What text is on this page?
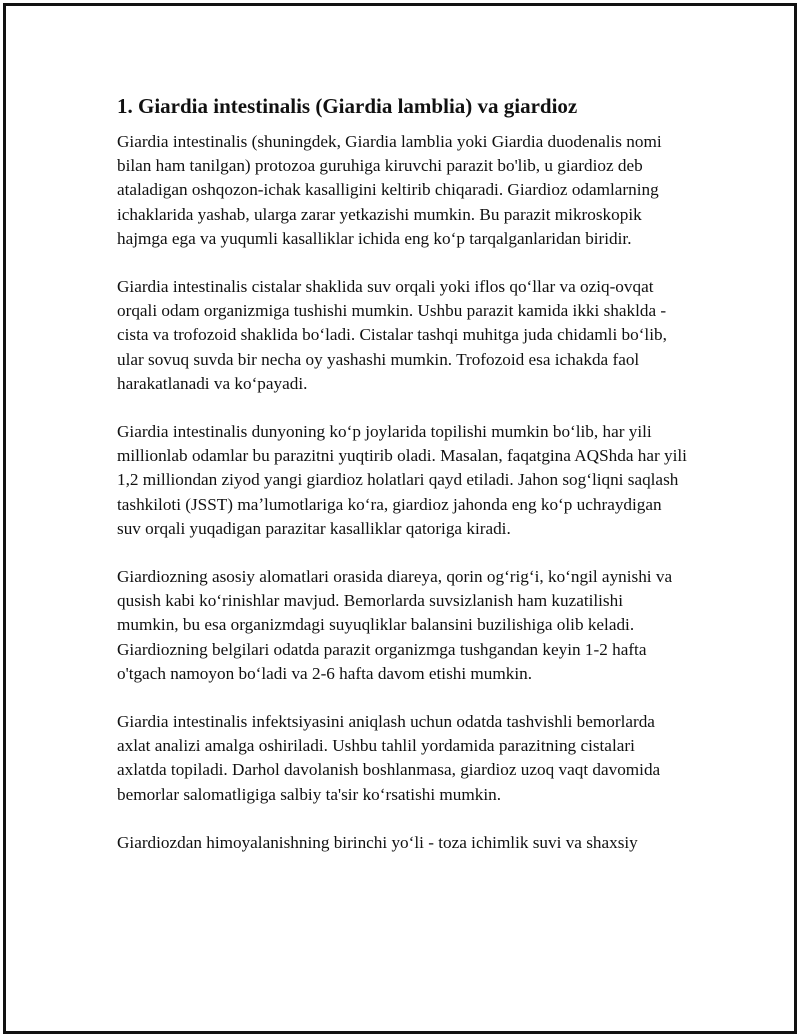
1. Giardia intestinalis (Giardia lamblia) va giardioz

Giardia intestinalis (shuningdek, Giardia lamblia yoki Giardia duodenalis nomi bilan ham tanilgan) protozoa guruhiga kiruvchi parazit bo'lib, u giardioz deb ataladigan oshqozon-ichak kasalligini keltirib chiqaradi. Giardioz odamlarning ichaklarida yashab, ularga zarar yetkazishi mumkin. Bu parazit mikroskopik hajmga ega va yuqumli kasalliklar ichida eng koʻp tarqalganlaridan biridir.

Giardia intestinalis cistalar shaklida suv orqali yoki iflos qoʻllar va oziq-ovqat orqali odam organizmiga tushishi mumkin. Ushbu parazit kamida ikki shaklda - cista va trofozoid shaklida boʻladi. Cistalar tashqi muhitga juda chidamli boʻlib, ular sovuq suvda bir necha oy yashashi mumkin. Trofozoid esa ichakda faol harakatlanadi va koʻpayadi.

Giardia intestinalis dunyoning koʻp joylarida topilishi mumkin boʻlib, har yili millionlab odamlar bu parazitni yuqtirib oladi. Masalan, faqatgina AQShda har yili 1,2 milliondan ziyod yangi giardioz holatlari qayd etiladi. Jahon sogʻliqni saqlash tashkiloti (JSST) maʼlumotlariga koʻra, giardioz jahonda eng koʻp uchraydigan suv orqali yuqadigan parazitar kasalliklar qatoriga kiradi.

Giardiozning asosiy alomatlari orasida diareya, qorin ogʻrigʻi, koʻngil aynishi va qusish kabi koʻrinishlar mavjud. Bemorlarda suvsizlanish ham kuzatilishi mumkin, bu esa organizmdagi suyuqliklar balansini buzilishiga olib keladi. Giardiozning belgilari odatda parazit organizmga tushgandan keyin 1-2 hafta o'tgach namoyon boʻladi va 2-6 hafta davom etishi mumkin.

Giardia intestinalis infektsiyasini aniqlash uchun odatda tashvishli bemorlarda axlat analizi amalga oshiriladi. Ushbu tahlil yordamida parazitning cistalari axlatda topiladi. Darhol davolanish boshlanmasa, giardioz uzoq vaqt davomida bemorlar salomatligiga salbiy ta'sir koʻrsatishi mumkin.

Giardiozdan himoyalanishning birinchi yoʻli - toza ichimlik suvi va shaxsiy
